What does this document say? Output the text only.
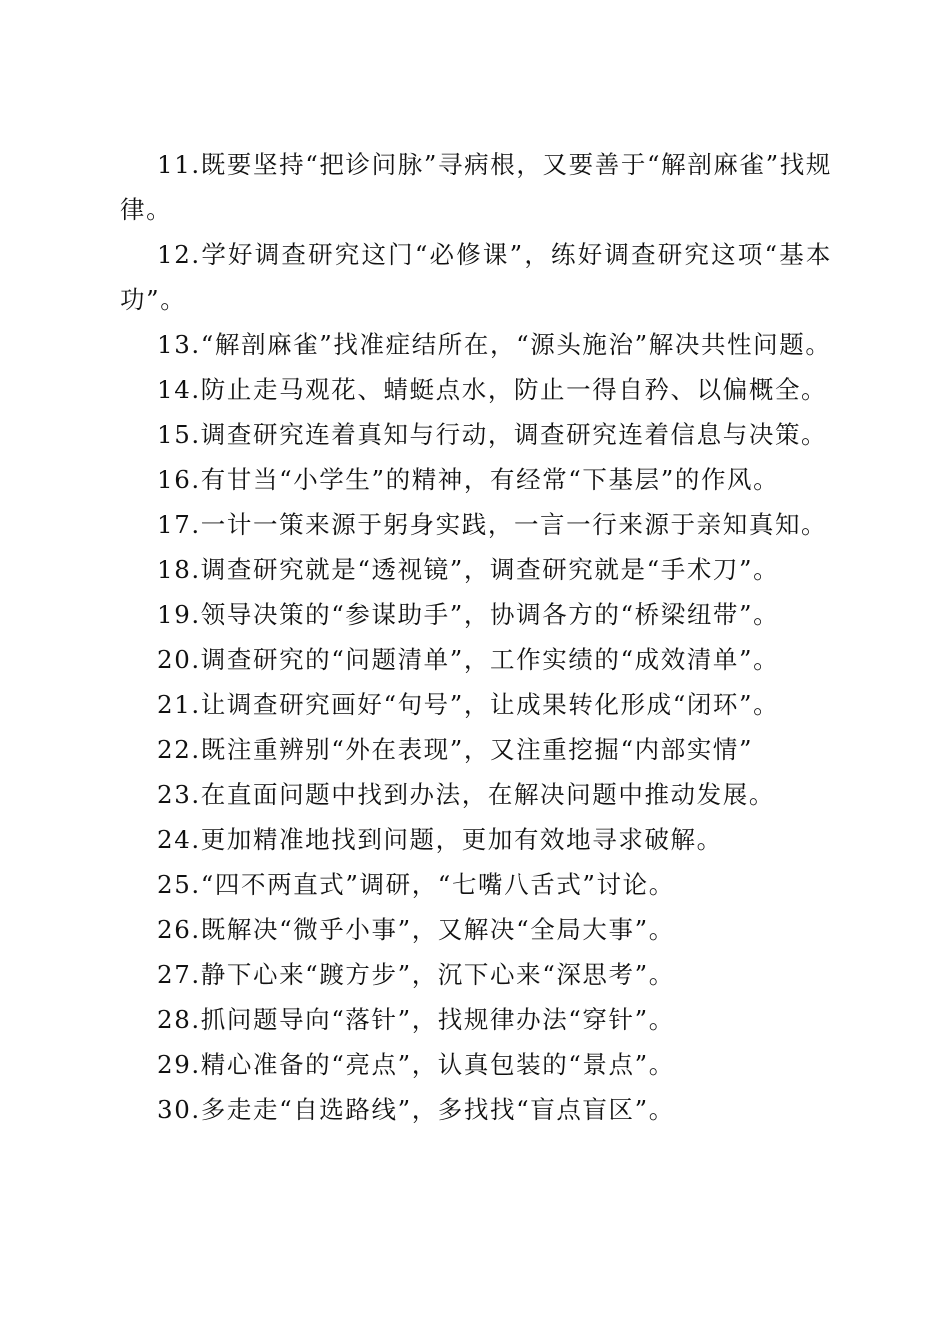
11.既要坚持“把诊问脉”寻病根，又要善于“解剖麻雀”找规律。

12.学好调查研究这门“必修课”，练好调查研究这项“基本功”。

13.“解剖麻雀”找准症结所在，“源头施治”解决共性问题。

14.防止走马观花、蜻蜓点水，防止一得自矜、以偏概全。

15.调查研究连着真知与行动，调查研究连着信息与决策。

16.有甘当“小学生”的精神，有经常“下基层”的作风。

17.一计一策来源于躬身实践，一言一行来源于亲知真知。

18.调查研究就是“透视镜”，调查研究就是“手术刀”。

19.领导决策的“参谋助手”，协调各方的“桥梁纽带”。

20.调查研究的“问题清单”，工作实绩的“成效清单”。

21.让调查研究画好“句号”，让成果转化形成“闭环”。

22.既注重辨别“外在表现”，又注重挖掘“内部实情”

23.在直面问题中找到办法，在解决问题中推动发展。

24.更加精准地找到问题，更加有效地寻求破解。

25.“四不两直式”调研，“七嘴八舌式”讨论。

26.既解决“微乎小事”，又解决“全局大事”。

27.静下心来“踱方步”，沉下心来“深思考”。

28.抓问题导向“落针”，找规律办法“穿针”。

29.精心准备的“亮点”，认真包装的“景点”。

30.多走走“自选路线”，多找找“盲点盲区”。
